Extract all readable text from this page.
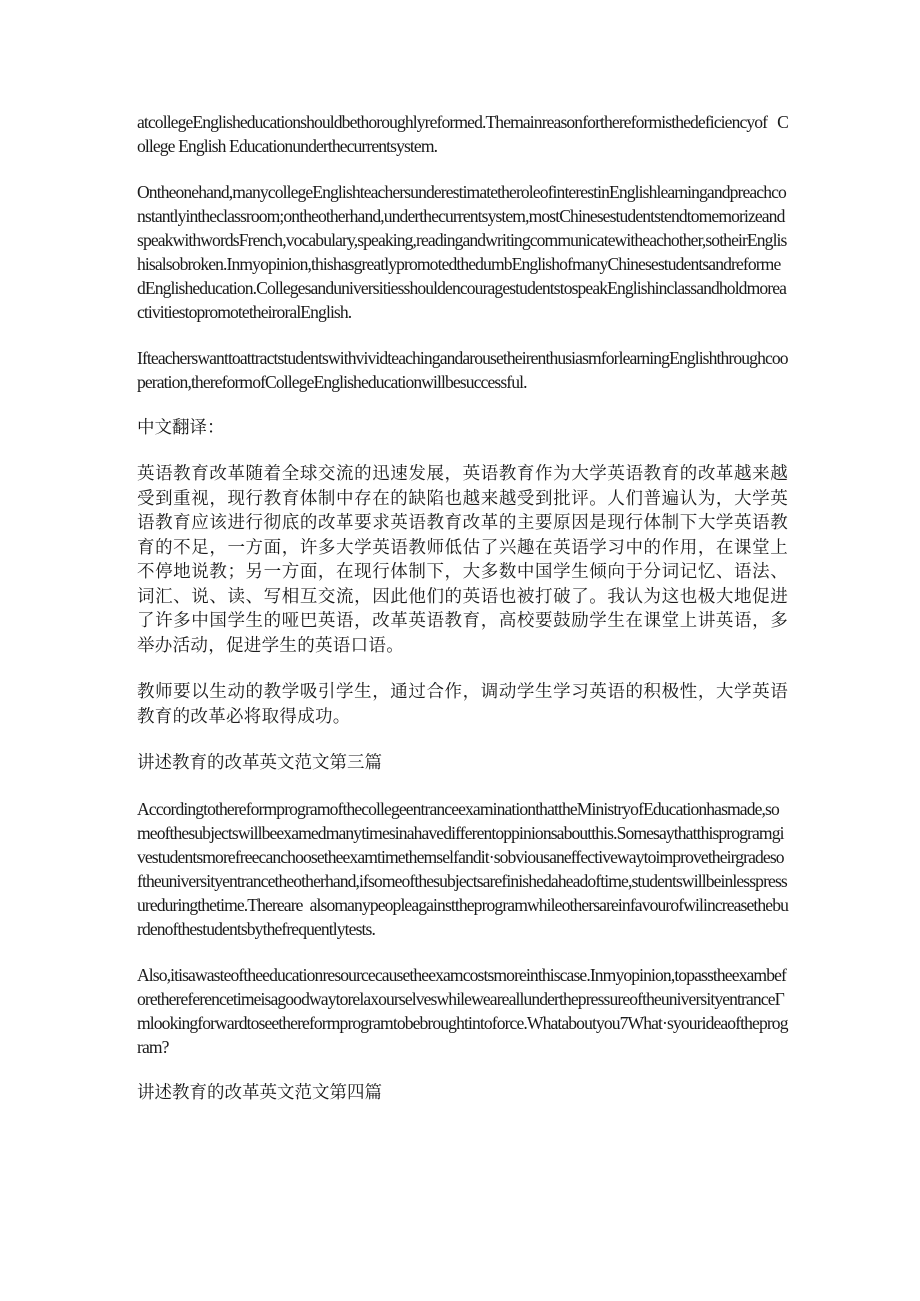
atcollegeEnglisheducationshouldbethoroughlyreformed.Themainreasonforthereformisthedeficiencyof College English Educationunderthecurrentsystem.

Ontheonehand,manycollegeEnglishteachersunderestimatetheroleofinterestinEnglishlearningandpreachconstantlyintheclassroom;ontheotherhand,underthecurrentsystem,mostChinesestudentstendtomemorizeandspeakwithwordsFrench,vocabulary,speaking,readingandwritingcommunicatewitheachother,sotheirEnglishisalsobroken.Inmyopinion,thishasgreatlypromotedthedumbEnglishofmanyChinesestudentsandreformedEnglisheducation.CollegesanduniversitiesshouldencouragestudentstospeakEnglishinclassandholdmoreactivitiestopromotetheiroralEnglish.

IfteacherswanttoattractstudentswithvividteachingandarousetheirenthusiasmforlearningEnglishthroughcooperation,thereformofCollegeEnglisheducationwillbesuccessful.

中文翻译：

英语教育改革随着全球交流的迅速发展，英语教育作为大学英语教育的改革越来越受到重视，现行教育体制中存在的缺陷也越来越受到批评。人们普遍认为，大学英语教育应该进行彻底的改革要求英语教育改革的主要原因是现行体制下大学英语教育的不足，一方面，许多大学英语教师低估了兴趣在英语学习中的作用，在课堂上不停地说教；另一方面，在现行体制下，大多数中国学生倾向于分词记忆、语法、词汇、说、读、写相互交流，因此他们的英语也被打破了。我认为这也极大地促进了许多中国学生的哑巴英语，改革英语教育，高校要鼓励学生在课堂上讲英语，多举办活动，促进学生的英语口语。

教师要以生动的教学吸引学生，通过合作，调动学生学习英语的积极性，大学英语教育的改革必将取得成功。

讲述教育的改革英文范文第三篇

AccordingtothereformprogramofthecollegeentranceexaminationthattheMinistryofEducationhasmade,someofthesubjectswillbeexamedmanytimesinahavedifferentoppinionsaboutthis.Somesaythatthisprogramgivestudentsmorefreecanchoosetheexamtimethemselfandit·sobviousaneffectivewaytoimprovetheirgradesoftheuniversityentrancetheotherhand,ifsomeofthesubjectsarefinishedaheadoftime,studentswillbeinlesspressureduringthetime.Thereare alsomanypeopleagainsttheprogramwhileothersareinfavourofwilincreasetheburdenofthestudentsbythefrequentlytests.

Also,itisawasteoftheeducationresourcecausetheexamcostsmoreinthiscase.Inmyopinion,topasstheexambeforethereferencetimeisagoodwaytorelaxourselveswhileweareallunderthepressureoftheuniversityentranceΓmlookingforwardtoseethereformprogramtobebroughtintoforce.Whataboutyou7What·syourideaoftheprogram?

讲述教育的改革英文范文第四篇
